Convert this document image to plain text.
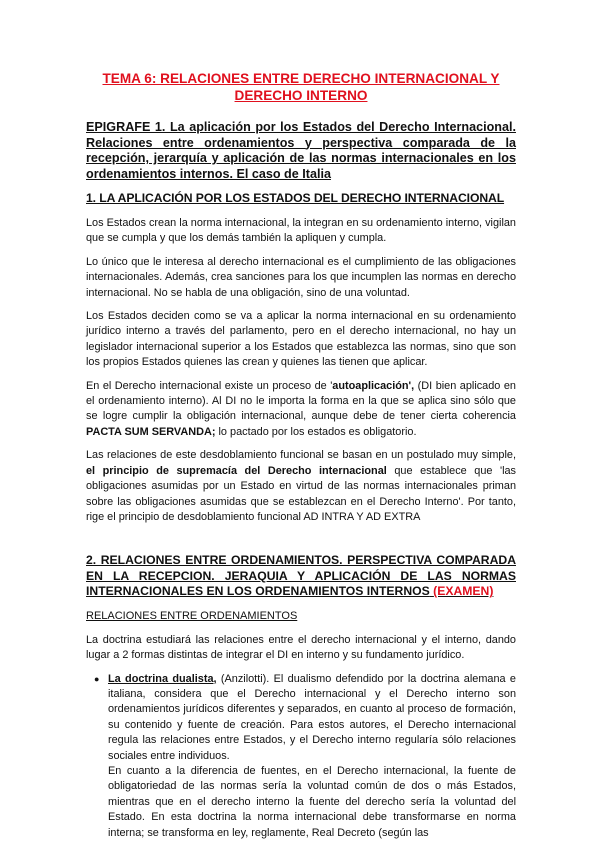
TEMA 6: RELACIONES ENTRE DERECHO INTERNACIONAL Y DERECHO INTERNO
EPIGRAFE 1. La aplicación por los Estados del Derecho Internacional. Relaciones entre ordenamientos y perspectiva comparada de la recepción, jerarquía y aplicación de las normas internacionales en los ordenamientos internos. El caso de Italia
1. LA APLICACIÓN POR LOS ESTADOS DEL DERECHO INTERNACIONAL

Los Estados crean la norma internacional, la integran en su ordenamiento interno, vigilan que se cumpla y que los demás también la apliquen y cumpla.

Lo único que le interesa al derecho internacional es el cumplimiento de las obligaciones internacionales. Además, crea sanciones para los que incumplen las normas en derecho internacional. No se habla de una obligación, sino de una voluntad.

Los Estados deciden como se va a aplicar la norma internacional en su ordenamiento jurídico interno a través del parlamento, pero en el derecho internacional, no hay un legislador internacional superior a los Estados que establezca las normas, sino que son los propios Estados quienes las crean y quienes las tienen que aplicar.

En el Derecho internacional existe un proceso de 'autoaplicación', (DI bien aplicado en el ordenamiento interno). Al DI no le importa la forma en la que se aplica sino sólo que se logre cumplir la obligación internacional, aunque debe de tener cierta coherencia PACTA SUM SERVANDA; lo pactado por los estados es obligatorio.

Las relaciones de este desdoblamiento funcional se basan en un postulado muy simple, el principio de supremacía del Derecho internacional que establece que 'las obligaciones asumidas por un Estado en virtud de las normas internacionales priman sobre las obligaciones asumidas que se establezcan en el Derecho Interno'. Por tanto, rige el principio de desdoblamiento funcional AD INTRA Y AD EXTRA

2. RELACIONES ENTRE ORDENAMIENTOS. PERSPECTIVA COMPARADA EN LA RECEPCION. JERAQUIA Y APLICACIÓN DE LAS NORMAS INTERNACIONALES EN LOS ORDENAMIENTOS INTERNOS (EXAMEN)
RELACIONES ENTRE ORDENAMIENTOS

La doctrina estudiará las relaciones entre el derecho internacional y el interno, dando lugar a 2 formas distintas de integrar el DI en interno y su fundamento jurídico.

● La doctrina dualista, (Anzilotti). El dualismo defendido por la doctrina alemana e italiana, considera que el Derecho internacional y el Derecho interno son ordenamientos jurídicos diferentes y separados, en cuanto al proceso de formación, su contenido y fuente de creación. Para estos autores, el Derecho internacional regula las relaciones entre Estados, y el Derecho interno regularía sólo relaciones sociales entre individuos.

En cuanto a la diferencia de fuentes, en el Derecho internacional, la fuente de obligatoriedad de las normas sería la voluntad común de dos o más Estados, mientras que en el derecho interno la fuente del derecho sería la voluntad del Estado. En esta doctrina la norma internacional debe transformarse en norma interna; se transforma en ley, reglamente, Real Decreto (según las
